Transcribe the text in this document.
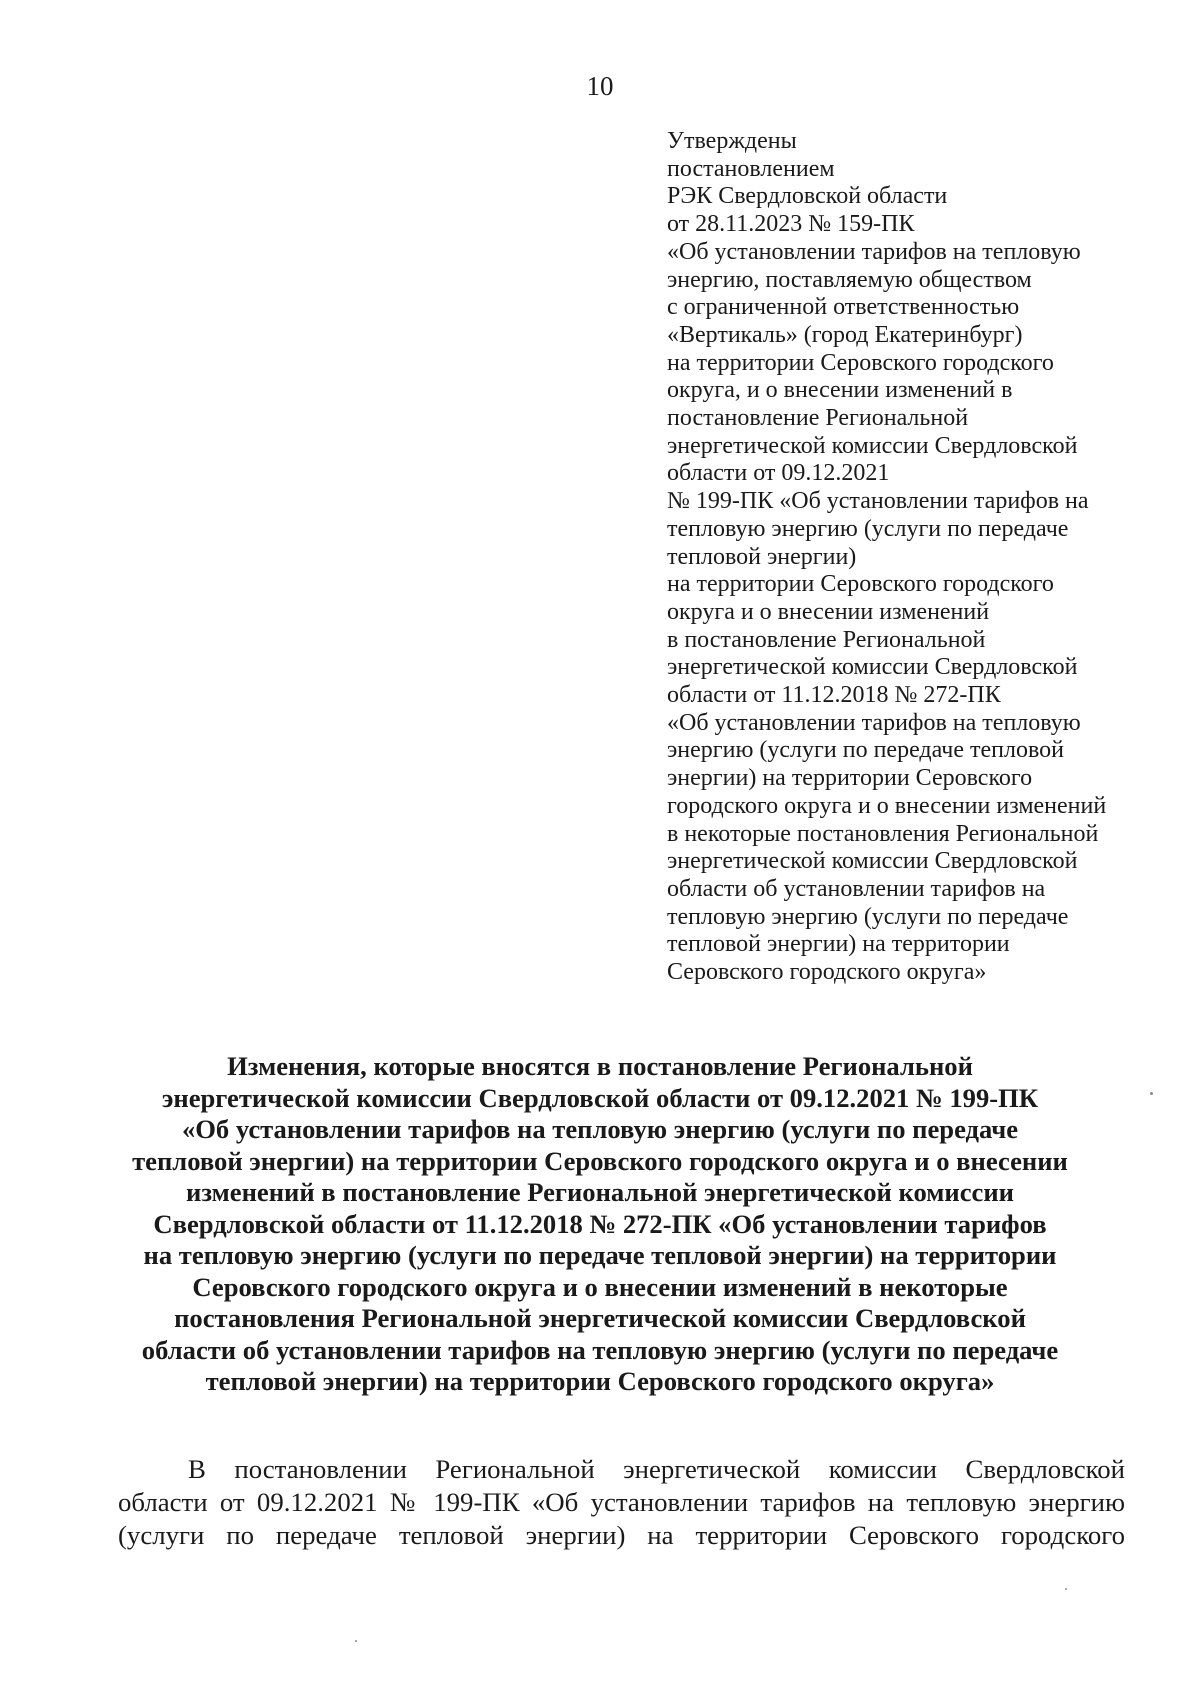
10
Утверждены
постановлением
РЭК Свердловской области
от 28.11.2023 № 159-ПК
«Об установлении тарифов на тепловую
энергию, поставляемую обществом
с ограниченной ответственностью
«Вертикаль» (город Екатеринбург)
на территории Серовского городского
округа, и о внесении изменений в
постановление Региональной
энергетической комиссии Свердловской
области от 09.12.2021
№ 199-ПК «Об установлении тарифов на
тепловую энергию (услуги по передаче
тепловой энергии)
на территории Серовского городского
округа и о внесении изменений
в постановление Региональной
энергетической комиссии Свердловской
области от 11.12.2018 № 272-ПК
«Об установлении тарифов на тепловую
энергию (услуги по передаче тепловой
энергии) на территории Серовского
городского округа и о внесении изменений
в некоторые постановления Региональной
энергетической комиссии Свердловской
области об установлении тарифов на
тепловую энергию (услуги по передаче
тепловой энергии) на территории
Серовского городского округа»
Изменения, которые вносятся в постановление Региональной
энергетической комиссии Свердловской области от 09.12.2021 № 199-ПК
«Об установлении тарифов на тепловую энергию (услуги по передаче
тепловой энергии) на территории Серовского городского округа и о внесении
изменений в постановление Региональной энергетической комиссии
Свердловской области от 11.12.2018 № 272-ПК «Об установлении тарифов
на тепловую энергию (услуги по передаче тепловой энергии) на территории
Серовского городского округа и о внесении изменений в некоторые
постановления Региональной энергетической комиссии Свердловской
области об установлении тарифов на тепловую энергию (услуги по передаче
тепловой энергии) на территории Серовского городского округа»
В постановлении Региональной энергетической комиссии Свердловской
области от 09.12.2021 № 199-ПК «Об установлении тарифов на тепловую энергию
(услуги по передаче тепловой энергии) на территории Серовского городского
